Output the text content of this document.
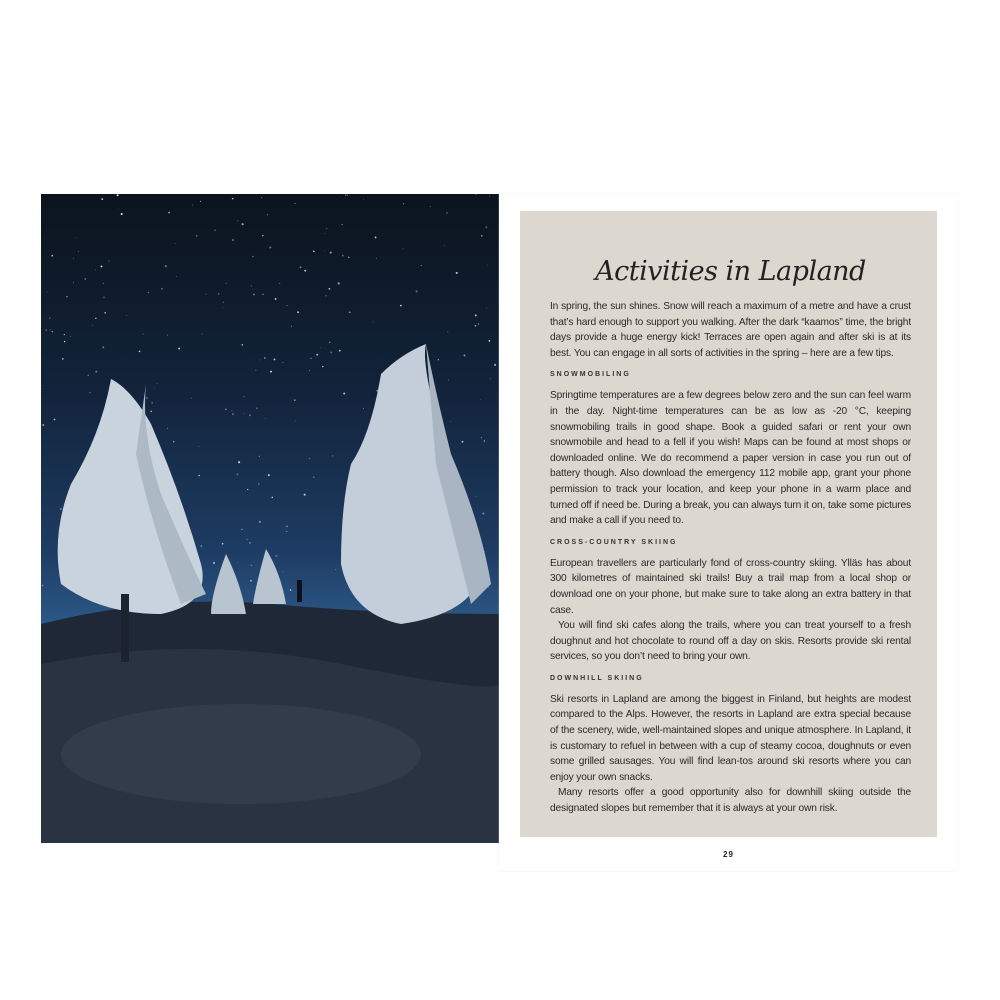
Activities in Lapland

In spring, the sun shines. Snow will reach a maximum of a metre and have a crust that’s hard enough to support you walking. After the dark “kaamos” time, the bright days provide a huge energy kick! Terraces are open again and after ski is at its best. You can engage in all sorts of activities in the spring – here are a few tips.

SNOWMOBILING

Springtime temperatures are a few degrees below zero and the sun can feel warm in the day. Night-time temperatures can be as low as -20 °C, keeping snowmobiling trails in good shape. Book a guided safari or rent your own snowmobile and head to a fell if you wish! Maps can be found at most shops or downloaded online. We do recommend a paper version in case you run out of battery though. Also download the emergency 112 mobile app, grant your phone permission to track your location, and keep your phone in a warm place and turned off if need be. During a break, you can always turn it on, take some pictures and make a call if you need to.

CROSS-COUNTRY SKIING

European travellers are particularly fond of cross-country skiing. Ylläs has about 300 kilometres of maintained ski trails! Buy a trail map from a local shop or download one on your phone, but make sure to take along an extra battery in that case.

You will find ski cafes along the trails, where you can treat yourself to a fresh doughnut and hot chocolate to round off a day on skis. Resorts provide ski rental services, so you don’t need to bring your own.

DOWNHILL SKIING

Ski resorts in Lapland are among the biggest in Finland, but heights are modest compared to the Alps. However, the resorts in Lapland are extra special because of the scenery, wide, well-maintained slopes and unique atmosphere. In Lapland, it is customary to refuel in between with a cup of steamy cocoa, doughnuts or even some grilled sausages. You will find lean-tos around ski resorts where you can enjoy your own snacks.

Many resorts offer a good opportunity also for downhill skiing outside the designated slopes but remember that it is always at your own risk.

29
